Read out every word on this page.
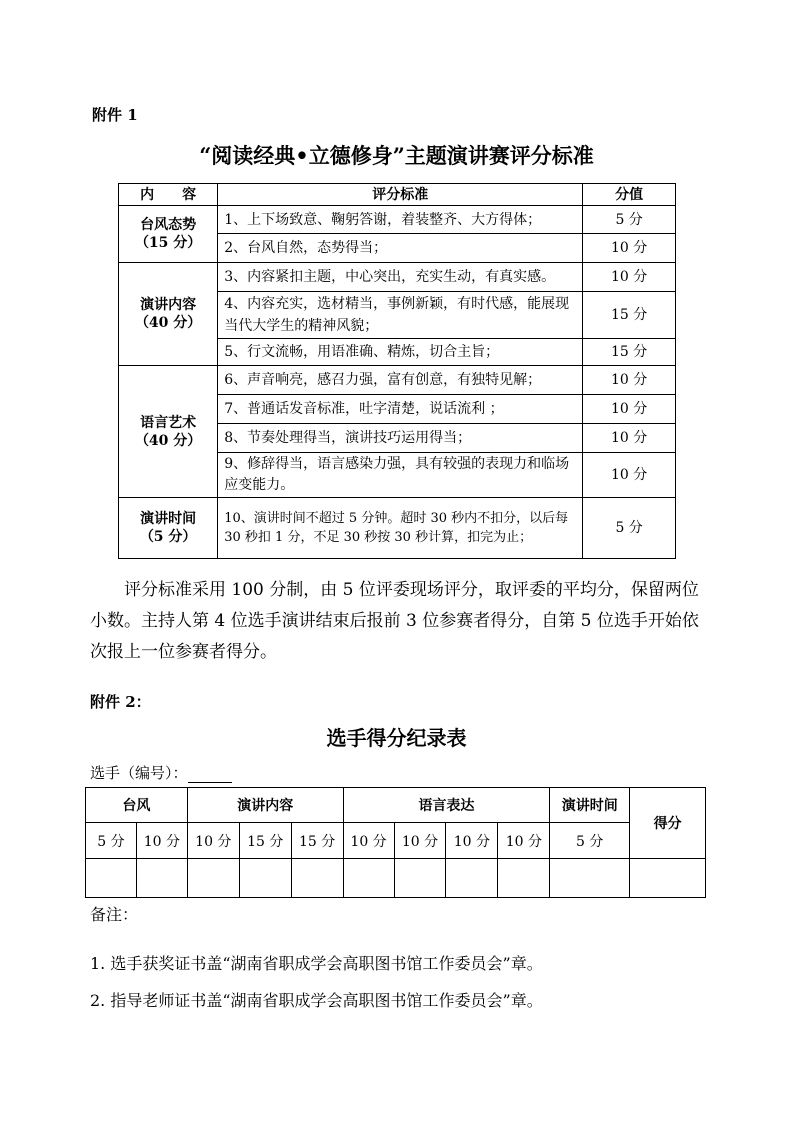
附件 1
“阅读经典•立德修身”主题演讲赛评分标准
内　　容	评分标准	分值
台风态势
（15 分）	1、上下场致意、鞠躬答谢，着装整齐、大方得体；	5 分
	2、台风自然，态势得当；	10 分
演讲内容
（40 分）	3、内容紧扣主题，中心突出，充实生动，有真实感。	10 分
	4、内容充实，选材精当，事例新颖，有时代感，能展现当代大学生的精神风貌；	15 分
	5、行文流畅，用语准确、精炼，切合主旨；	15 分
语言艺术
（40 分）	6、声音响亮，感召力强，富有创意，有独特见解；	10 分
	7、普通话发音标准，吐字清楚，说话流利 ；	10 分
	8、节奏处理得当，演讲技巧运用得当；	10 分
	9、修辞得当，语言感染力强，具有较强的表现力和临场应变能力。	10 分
演讲时间
（5 分）	10、演讲时间不超过 5 分钟。超时 30 秒内不扣分，以后每 30 秒扣 1 分，不足 30 秒按 30 秒计算，扣完为止；	5 分
评分标准采用 100 分制，由 5 位评委现场评分，取评委的平均分，保留两位小数。主持人第 4 位选手演讲结束后报前 3 位参赛者得分，自第 5 位选手开始依次报上一位参赛者得分。
附件 2：
选手得分纪录表
选手（编号）：
台风		演讲内容			语言表达				演讲时间	得分
5 分	10 分	10 分	15 分	15 分	10 分	10 分	10 分	10 分	5 分	

备注：
1. 选手获奖证书盖“湖南省职成学会高职图书馆工作委员会”章。
2. 指导老师证书盖“湖南省职成学会高职图书馆工作委员会”章。
